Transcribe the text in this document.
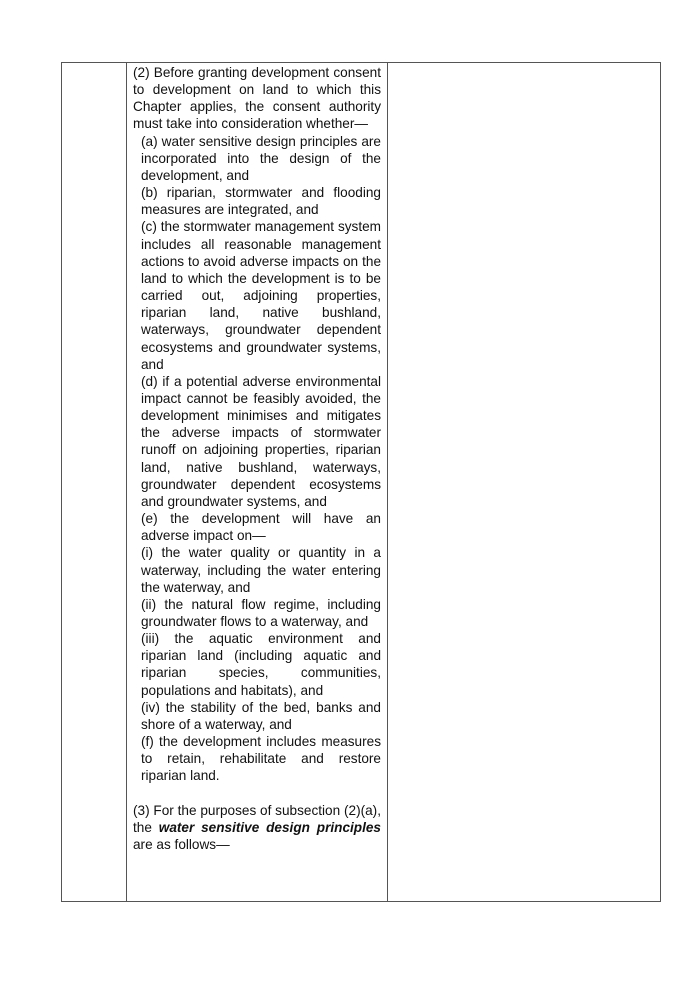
(2) Before granting development consent to development on land to which this Chapter applies, the consent authority must take into consideration whether—

(a) water sensitive design principles are incorporated into the design of the development, and

(b) riparian, stormwater and flooding measures are integrated, and

(c) the stormwater management system includes all reasonable management actions to avoid adverse impacts on the land to which the development is to be carried out, adjoining properties, riparian land, native bushland, waterways, groundwater dependent ecosystems and groundwater systems, and

(d) if a potential adverse environmental impact cannot be feasibly avoided, the development minimises and mitigates the adverse impacts of stormwater runoff on adjoining properties, riparian land, native bushland, waterways, groundwater dependent ecosystems and groundwater systems, and

(e) the development will have an adverse impact on—

(i) the water quality or quantity in a waterway, including the water entering the waterway, and

(ii) the natural flow regime, including groundwater flows to a waterway, and

(iii) the aquatic environment and riparian land (including aquatic and riparian species, communities, populations and habitats), and

(iv) the stability of the bed, banks and shore of a waterway, and

(f) the development includes measures to retain, rehabilitate and restore riparian land.

(3) For the purposes of subsection (2)(a), the water sensitive design principles are as follows—
